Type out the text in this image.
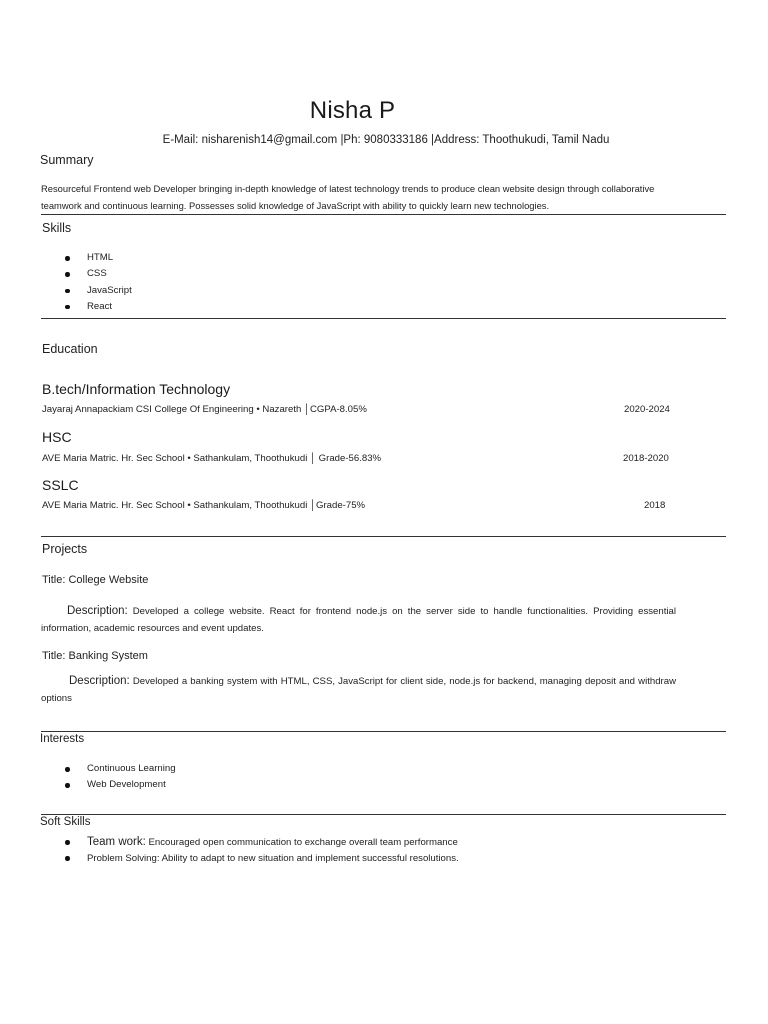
Nisha P
E-Mail: nisharenish14@gmail.com |Ph: 9080333186 |Address: Thoothukudi, Tamil Nadu
Summary
Resourceful Frontend web Developer bringing in-depth knowledge of latest technology trends to produce clean website design through collaborative teamwork and continuous learning. Possesses solid knowledge of JavaScript with ability to quickly learn new technologies.
Skills
HTML
CSS
JavaScript
React
Education
B.tech/Information Technology
Jayaraj Annapackiam CSI College Of Engineering • Nazareth │CGPA-8.05%	2020-2024
HSC
AVE Maria Matric. Hr. Sec School • Sathankulam, Thoothukudi │ Grade-56.83%	2018-2020
SSLC
AVE Maria Matric. Hr. Sec School • Sathankulam, Thoothukudi │Grade-75%	2018
Projects
Title: College Website
Description: Developed a college website. React for frontend node.js on the server side to handle functionalities. Providing essential information, academic resources and event updates.
Title: Banking System
Description: Developed a banking system with HTML, CSS, JavaScript for client side, node.js for backend, managing deposit and withdraw options
Interests
Continuous Learning
Web Development
Soft Skills
Team work: Encouraged open communication to exchange overall team performance
Problem Solving: Ability to adapt to new situation and implement successful resolutions.
